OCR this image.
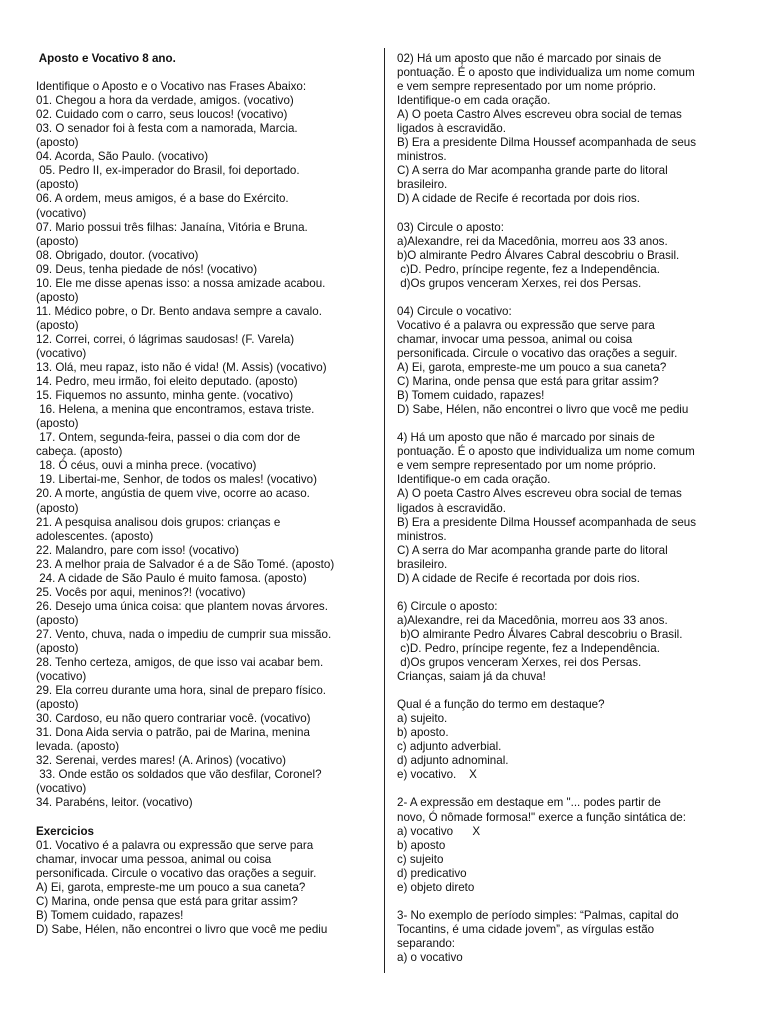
Aposto e Vocativo 8 ano.
Identifique o Aposto e o Vocativo nas Frases Abaixo:
01. Chegou a hora da verdade, amigos. (vocativo)
02. Cuidado com o carro, seus loucos! (vocativo)
03. O senador foi à festa com a namorada, Marcia.
(aposto)
04. Acorda, São Paulo. (vocativo)
05. Pedro II, ex-imperador do Brasil, foi deportado.
(aposto)
06. A ordem, meus amigos, é a base do Exército.
(vocativo)
07. Mario possui três filhas: Janaína, Vitória e Bruna.
(aposto)
08. Obrigado, doutor. (vocativo)
09. Deus, tenha piedade de nós! (vocativo)
10. Ele me disse apenas isso: a nossa amizade acabou.
(aposto)
11. Médico pobre, o Dr. Bento andava sempre a cavalo.
(aposto)
12. Correi, correi, ó lágrimas saudosas! (F. Varela)
(vocativo)
13. Olá, meu rapaz, isto não é vida! (M. Assis) (vocativo)
14. Pedro, meu irmão, foi eleito deputado. (aposto)
15. Fiquemos no assunto, minha gente. (vocativo)
16. Helena, a menina que encontramos, estava triste.
(aposto)
17. Ontem, segunda-feira, passei o dia com dor de
cabeça. (aposto)
18. Ó céus, ouvi a minha prece. (vocativo)
19. Libertai-me, Senhor, de todos os males! (vocativo)
20. A morte, angústia de quem vive, ocorre ao acaso.
(aposto)
21. A pesquisa analisou dois grupos: crianças e
adolescentes. (aposto)
22. Malandro, pare com isso! (vocativo)
23. A melhor praia de Salvador é a de São Tomé. (aposto)
24. A cidade de São Paulo é muito famosa. (aposto)
25. Vocês por aqui, meninos?! (vocativo)
26. Desejo uma única coisa: que plantem novas árvores.
(aposto)
27. Vento, chuva, nada o impediu de cumprir sua missão.
(aposto)
28. Tenho certeza, amigos, de que isso vai acabar bem.
(vocativo)
29. Ela correu durante uma hora, sinal de preparo físico.
(aposto)
30. Cardoso, eu não quero contrariar você. (vocativo)
31. Dona Aida servia o patrão, pai de Marina, menina
levada. (aposto)
32. Serenai, verdes mares! (A. Arinos) (vocativo)
33. Onde estão os soldados que vão desfilar, Coronel?
(vocativo)
34. Parabéns, leitor. (vocativo)
Exercicios
01. Vocativo é a palavra ou expressão que serve para
chamar, invocar uma pessoa, animal ou coisa
personificada. Circule o vocativo das orações a seguir.
A) Ei, garota, empreste-me um pouco a sua caneta?
C) Marina, onde pensa que está para gritar assim?
B) Tomem cuidado, rapazes!
D) Sabe, Hélen, não encontrei o livro que você me pediu
02) Há um aposto que não é marcado por sinais de
pontuação. É o aposto que individualiza um nome comum
e vem sempre representado por um nome próprio.
Identifique-o em cada oração.
A) O poeta Castro Alves escreveu obra social de temas
ligados à escravidão.
B) Era a presidente Dilma Houssef acompanhada de seus
ministros.
C) A serra do Mar acompanha grande parte do litoral
brasileiro.
D) A cidade de Recife é recortada por dois rios.
03) Circule o aposto:
a)Alexandre, rei da Macedônia, morreu aos 33 anos.
b)O almirante Pedro Álvares Cabral descobriu o Brasil.
c)D. Pedro, príncipe regente, fez a Independência.
d)Os grupos venceram Xerxes, rei dos Persas.
04) Circule o vocativo:
Vocativo é a palavra ou expressão que serve para
chamar, invocar uma pessoa, animal ou coisa
personificada. Circule o vocativo das orações a seguir.
A) Ei, garota, empreste-me um pouco a sua caneta?
C) Marina, onde pensa que está para gritar assim?
B) Tomem cuidado, rapazes!
D) Sabe, Hélen, não encontrei o livro que você me pediu
4) Há um aposto que não é marcado por sinais de
pontuação. É o aposto que individualiza um nome comum
e vem sempre representado por um nome próprio.
Identifique-o em cada oração.
A) O poeta Castro Alves escreveu obra social de temas
ligados à escravidão.
B) Era a presidente Dilma Houssef acompanhada de seus
ministros.
C) A serra do Mar acompanha grande parte do litoral
brasileiro.
D) A cidade de Recife é recortada por dois rios.
6) Circule o aposto:
a)Alexandre, rei da Macedônia, morreu aos 33 anos.
b)O almirante Pedro Álvares Cabral descobriu o Brasil.
c)D. Pedro, príncipe regente, fez a Independência.
d)Os grupos venceram Xerxes, rei dos Persas.
Crianças, saiam já da chuva!
Qual é a função do termo em destaque?
a) sujeito.
b) aposto.
c) adjunto adverbial.
d) adjunto adnominal.
e) vocativo.    X
2- A expressão em destaque em "... podes partir de
novo, Ó nômade formosa!" exerce a função sintática de:
a) vocativo      X
b) aposto
c) sujeito
d) predicativo
e) objeto direto
3- No exemplo de período simples: “Palmas, capital do
Tocantins, é uma cidade jovem”, as vírgulas estão
separando:
a) o vocativo
